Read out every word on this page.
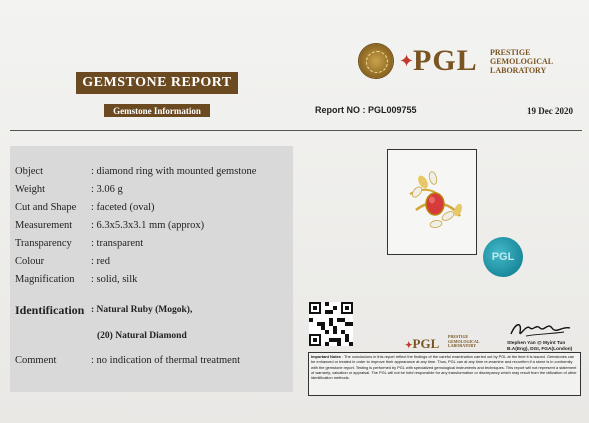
GEMSTONE REPORT
Gemstone Information
✦
PGL PRESTIGE
GEMOLOGICAL
LABORATORY
Report NO : PGL009755	19 Dec 2020
Object	: diamond ring with mounted gemstone
Weight	: 3.06 g
Cut and Shape : faceted (oval)
Measurement : 6.3x5.3x3.1 mm (approx)
Transparency : transparent
Colour	: red
Magnification : solid, silk
Identification : Natural Ruby (Mogok),
(20) Natural Diamond
Comment	: no indication of thermal treatment
PGL
✦PGL PRESTIGE
GEMOLOGICAL
LABORATORY	Stephen Yan @ Myint Tun
B.A(Eng), DGI, FGA(London)
Important Notes : The conclusions in this report reflect the findings of the careful examination carried out by PGL at the time it is issued. Gemstones can be enhanced or treated in order to improve their appearance at any time. Thus, PGL can at any time re-examine and reconfirm if a stone is in conformity with the gemstone report. Testing is performed by PGL with specialized gemological instruments and techniques. This report will not represent a statement of warranty, valuation or appraisal. The PGL will not be held responsible for any transformation or discrepancy which may result from the utilization of other identification methods.
